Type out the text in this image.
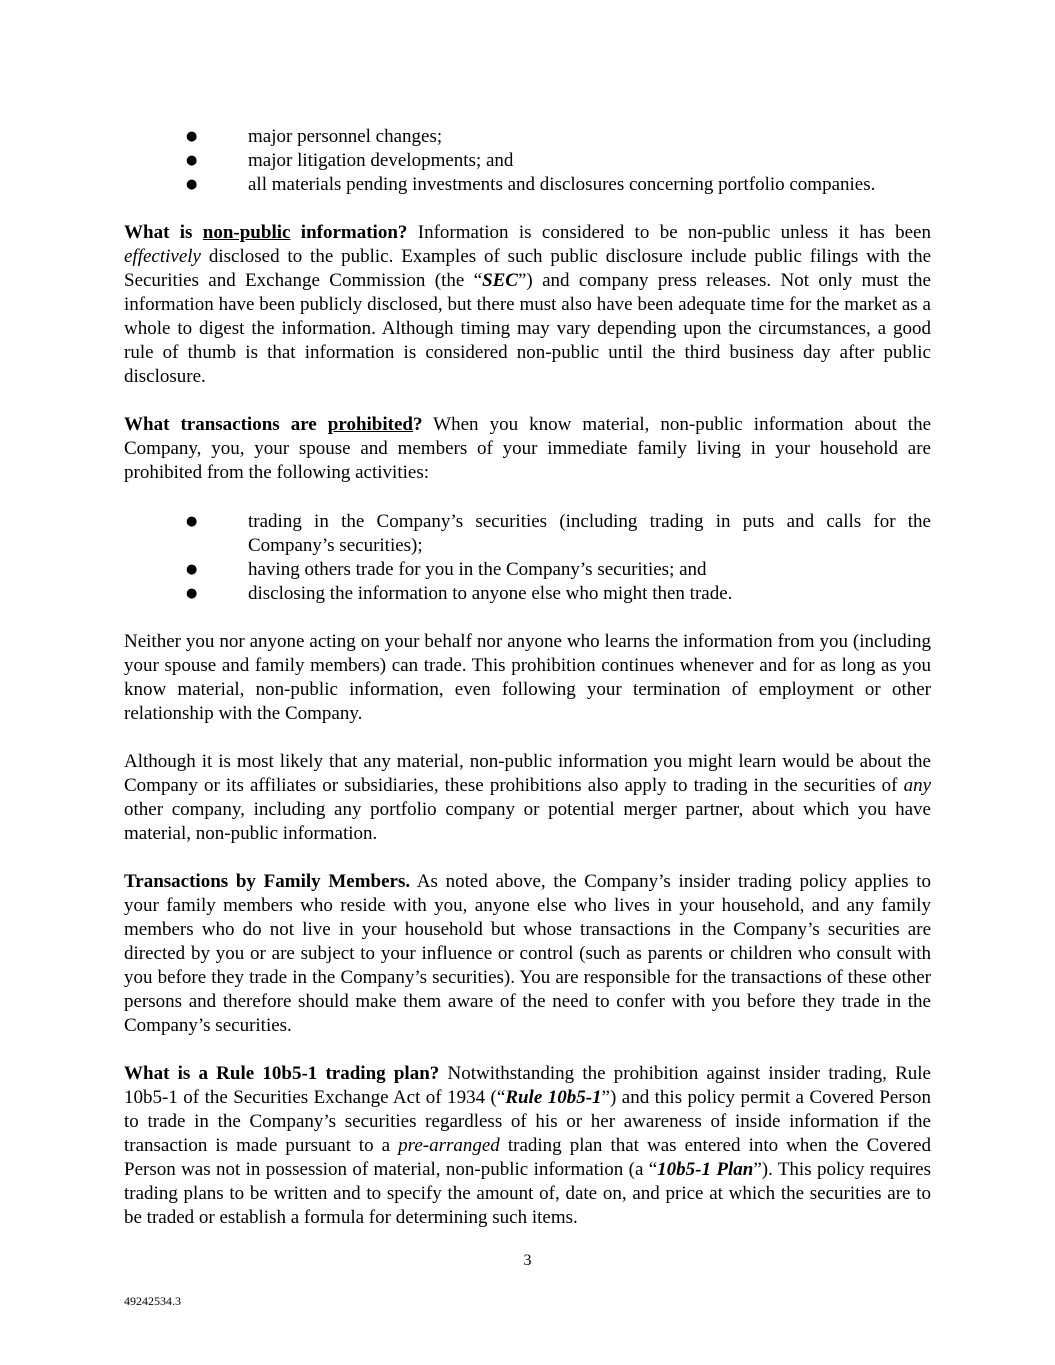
●	major personnel changes;
●	major litigation developments; and
●	all materials pending investments and disclosures concerning portfolio companies.

What is non-public information? Information is considered to be non-public unless it has been effectively disclosed to the public. Examples of such public disclosure include public filings with the Securities and Exchange Commission (the “SEC”) and company press releases. Not only must the information have been publicly disclosed, but there must also have been adequate time for the market as a whole to digest the information. Although timing may vary depending upon the circumstances, a good rule of thumb is that information is considered non-public until the third business day after public disclosure.

What transactions are prohibited? When you know material, non-public information about the Company, you, your spouse and members of your immediate family living in your household are prohibited from the following activities:

●	trading in the Company’s securities (including trading in puts and calls for the Company’s securities);
●	having others trade for you in the Company’s securities; and
●	disclosing the information to anyone else who might then trade.

Neither you nor anyone acting on your behalf nor anyone who learns the information from you (including your spouse and family members) can trade. This prohibition continues whenever and for as long as you know material, non-public information, even following your termination of employment or other relationship with the Company.

Although it is most likely that any material, non-public information you might learn would be about the Company or its affiliates or subsidiaries, these prohibitions also apply to trading in the securities of any other company, including any portfolio company or potential merger partner, about which you have material, non-public information.

Transactions by Family Members. As noted above, the Company’s insider trading policy applies to your family members who reside with you, anyone else who lives in your household, and any family members who do not live in your household but whose transactions in the Company’s securities are directed by you or are subject to your influence or control (such as parents or children who consult with you before they trade in the Company’s securities). You are responsible for the transactions of these other persons and therefore should make them aware of the need to confer with you before they trade in the Company’s securities.

What is a Rule 10b5-1 trading plan? Notwithstanding the prohibition against insider trading, Rule 10b5-1 of the Securities Exchange Act of 1934 (“Rule 10b5-1”) and this policy permit a Covered Person to trade in the Company’s securities regardless of his or her awareness of inside information if the transaction is made pursuant to a pre-arranged trading plan that was entered into when the Covered Person was not in possession of material, non-public information (a “10b5-1 Plan”). This policy requires trading plans to be written and to specify the amount of, date on, and price at which the securities are to be traded or establish a formula for determining such items.

3
49242534.3
